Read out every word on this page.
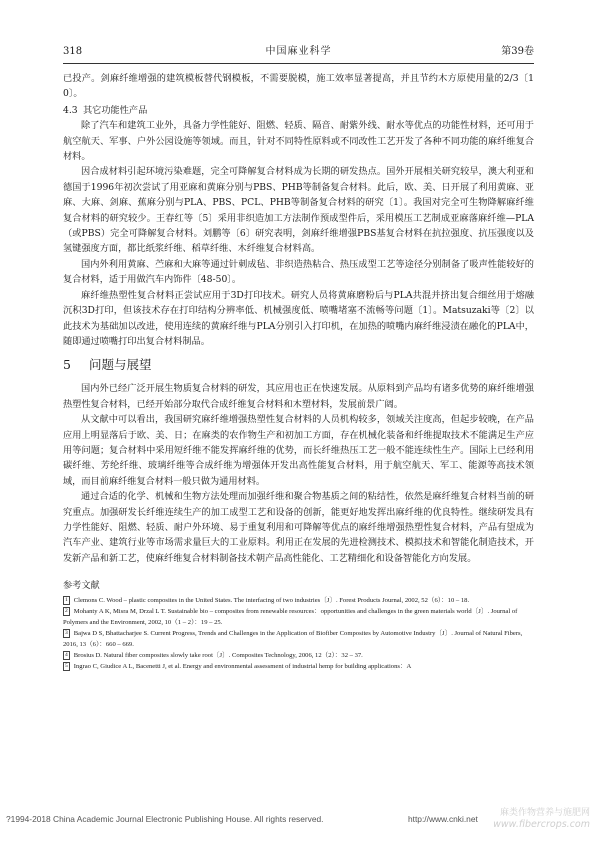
318	中国麻业科学	第39卷

已投产。剑麻纤维增强的建筑模板替代钢模板，不需要脱模，施工效率显著提高，并且节约木方原使用量的2/3〔10〕。

4.3 其它功能性产品

除了汽车和建筑工业外，具备力学性能好、阻燃、轻质、隔音、耐紫外线、耐水等优点的功能性材料，还可用于航空航天、军事、户外公园设施等领域。而且，针对不同特性原料或不同改性工艺开发了各种不同功能的麻纤维复合材料。

因合成材料引起环境污染难题，完全可降解复合材料成为长期的研发热点。国外开展相关研究较早，澳大利亚和德国于1996年初次尝试了用亚麻和黄麻分别与PBS、PHB等制备复合材料。此后，欧、美、日开展了利用黄麻、亚麻、大麻、剑麻、蕉麻分别与PLA、PBS、PCL、PHB等制备复合材料的研究〔1〕。我国对完全可生物降解麻纤维复合材料的研究较少。王春红等〔5〕采用非织造加工方法制作预成型件后，采用模压工艺制成亚麻落麻纤维—PLA（或PBS）完全可降解复合材料。刘鹏等〔6〕研究表明，剑麻纤维增强PBS基复合材料在抗拉强度、抗压强度以及氢键强度方面，都比纸浆纤维、稻草纤维、木纤维复合材料高。

国内外利用黄麻、苎麻和大麻等通过针刺成毡、非织造热粘合、热压成型工艺等途径分别制备了吸声性能较好的复合材料，适于用做汽车内饰件〔48-50〕。

麻纤维热塑性复合材料正尝试应用于3D打印技术。研究人员将黄麻磨粉后与PLA共混并挤出复合细丝用于熔融沉积3D打印，但该技术存在打印结构分辨率低、机械强度低、喷嘴堵塞不流畅等问题〔1〕。Matsuzaki等〔2〕以此技术为基础加以改进，使用连续的黄麻纤维与PLA分别引入打印机，在加热的喷嘴内麻纤维浸渍在融化的PLA中，随即通过喷嘴打印出复合材料制品。

5 问题与展望

国内外已经广泛开展生物质复合材料的研发，其应用也正在快速发展。从原料到产品均有诸多优势的麻纤维增强热塑性复合材料，已经开始部分取代合成纤维复合材料和木塑材料，发展前景广阔。

从文献中可以看出，我国研究麻纤维增强热塑性复合材料的人员机构较多，领域关注度高，但起步较晚，在产品应用上明显落后于欧、美、日；在麻类的农作物生产和初加工方面，存在机械化装备和纤维提取技术不能满足生产应用等问题；复合材料中采用短纤维不能发挥麻纤维的优势，而长纤维热压工艺一般不能连续性生产。国际上已经利用碳纤维、芳纶纤维、玻璃纤维等合成纤维为增强体开发出高性能复合材料，用于航空航天、军工、能源等高技术领域，而目前麻纤维复合材料一般只做为通用材料。

通过合适的化学、机械和生物方法处理而加强纤维和聚合物基质之间的粘结性，依然是麻纤维复合材料当前的研究重点。加强研发长纤维连续生产的加工成型工艺和设备的创新，能更好地发挥出麻纤维的优良特性。继续研发具有力学性能好、阻燃、轻质、耐户外环境、易于重复利用和可降解等优点的麻纤维增强热塑性复合材料，产品有望成为汽车产业、建筑行业等市场需求量巨大的工业原料。利用正在发展的先进检测技术、模拟技术和智能化制造技术，开发新产品和新工艺，使麻纤维复合材料制备技术朝产品高性能化、工艺精细化和设备智能化方向发展。

参考文献

1 Clemons C. Wood – plastic composites in the United States. The interfacing of two industries〔J〕. Forest Products Journal, 2002, 52（6）：10 – 18.

2 Mohanty A K, Misra M, Drzal L T. Sustainable bio – composites from renewable resources：opportunities and challenges in the green materials world〔J〕. Journal of Polymers and the Environment, 2002, 10（1 – 2）：19 – 25.

3 Bajwa D S, Bhattacharjee S. Current Progress, Trends and Challenges in the Application of Biofiber Composites by Automotive Industry〔J〕. Journal of Natural Fibers, 2016, 13（6）：660 – 669.

4 Brosius D. Natural fiber composites slowly take root〔J〕. Composites Technology, 2006, 12（2）：32 – 37.

5 Ingrao C, Giudice A L, Bacenetti J, et al. Energy and environmental assessment of industrial hemp for building applications：A

?1994-2018 China Academic Journal Electronic Publishing House. All rights reserved.	http://www.cnki.net
麻类作物营养与施肥网
www.fibercrops.com
